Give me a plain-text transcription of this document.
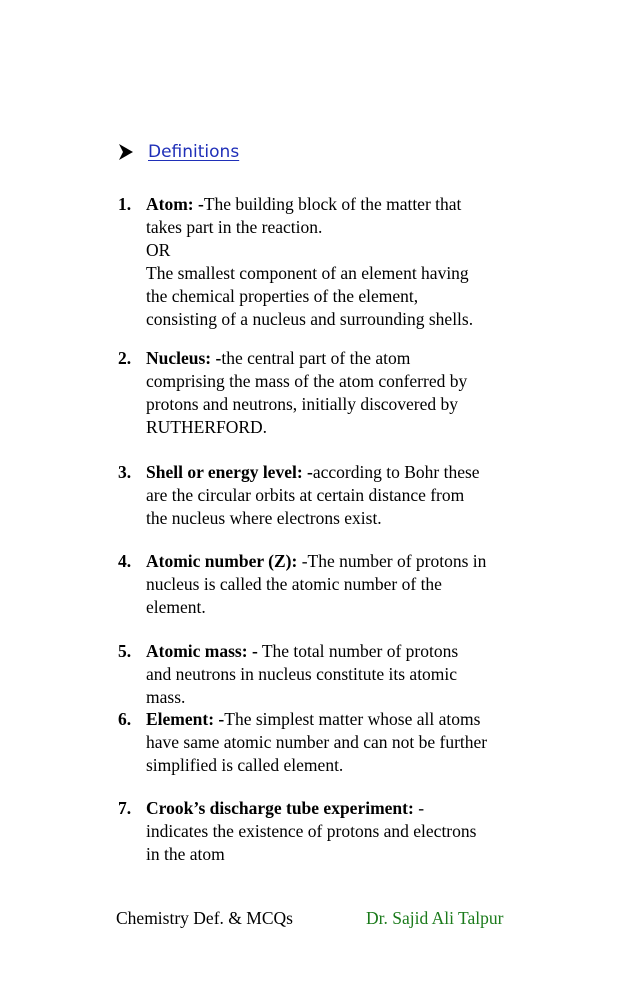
Definitions
1. Atom: -The building block of the matter that
takes part in the reaction.
OR
The smallest component of an element having
the chemical properties of the element,
consisting of a nucleus and surrounding shells.
2. Nucleus: -the central part of the atom
comprising the mass of the atom conferred by
protons and neutrons, initially discovered by
RUTHERFORD.
3. Shell or energy level: -according to Bohr these
are the circular orbits at certain distance from
the nucleus where electrons exist.
4. Atomic number (Z): -The number of protons in
nucleus is called the atomic number of the
element.
5. Atomic mass: - The total number of protons
and neutrons in nucleus constitute its atomic
mass.
6. Element: -The simplest matter whose all atoms
have same atomic number and can not be further
simplified is called element.
7. Crook’s discharge tube experiment: -
indicates the existence of protons and electrons
in the atom
Chemistry Def. & MCQs	Dr. Sajid Ali Talpur
